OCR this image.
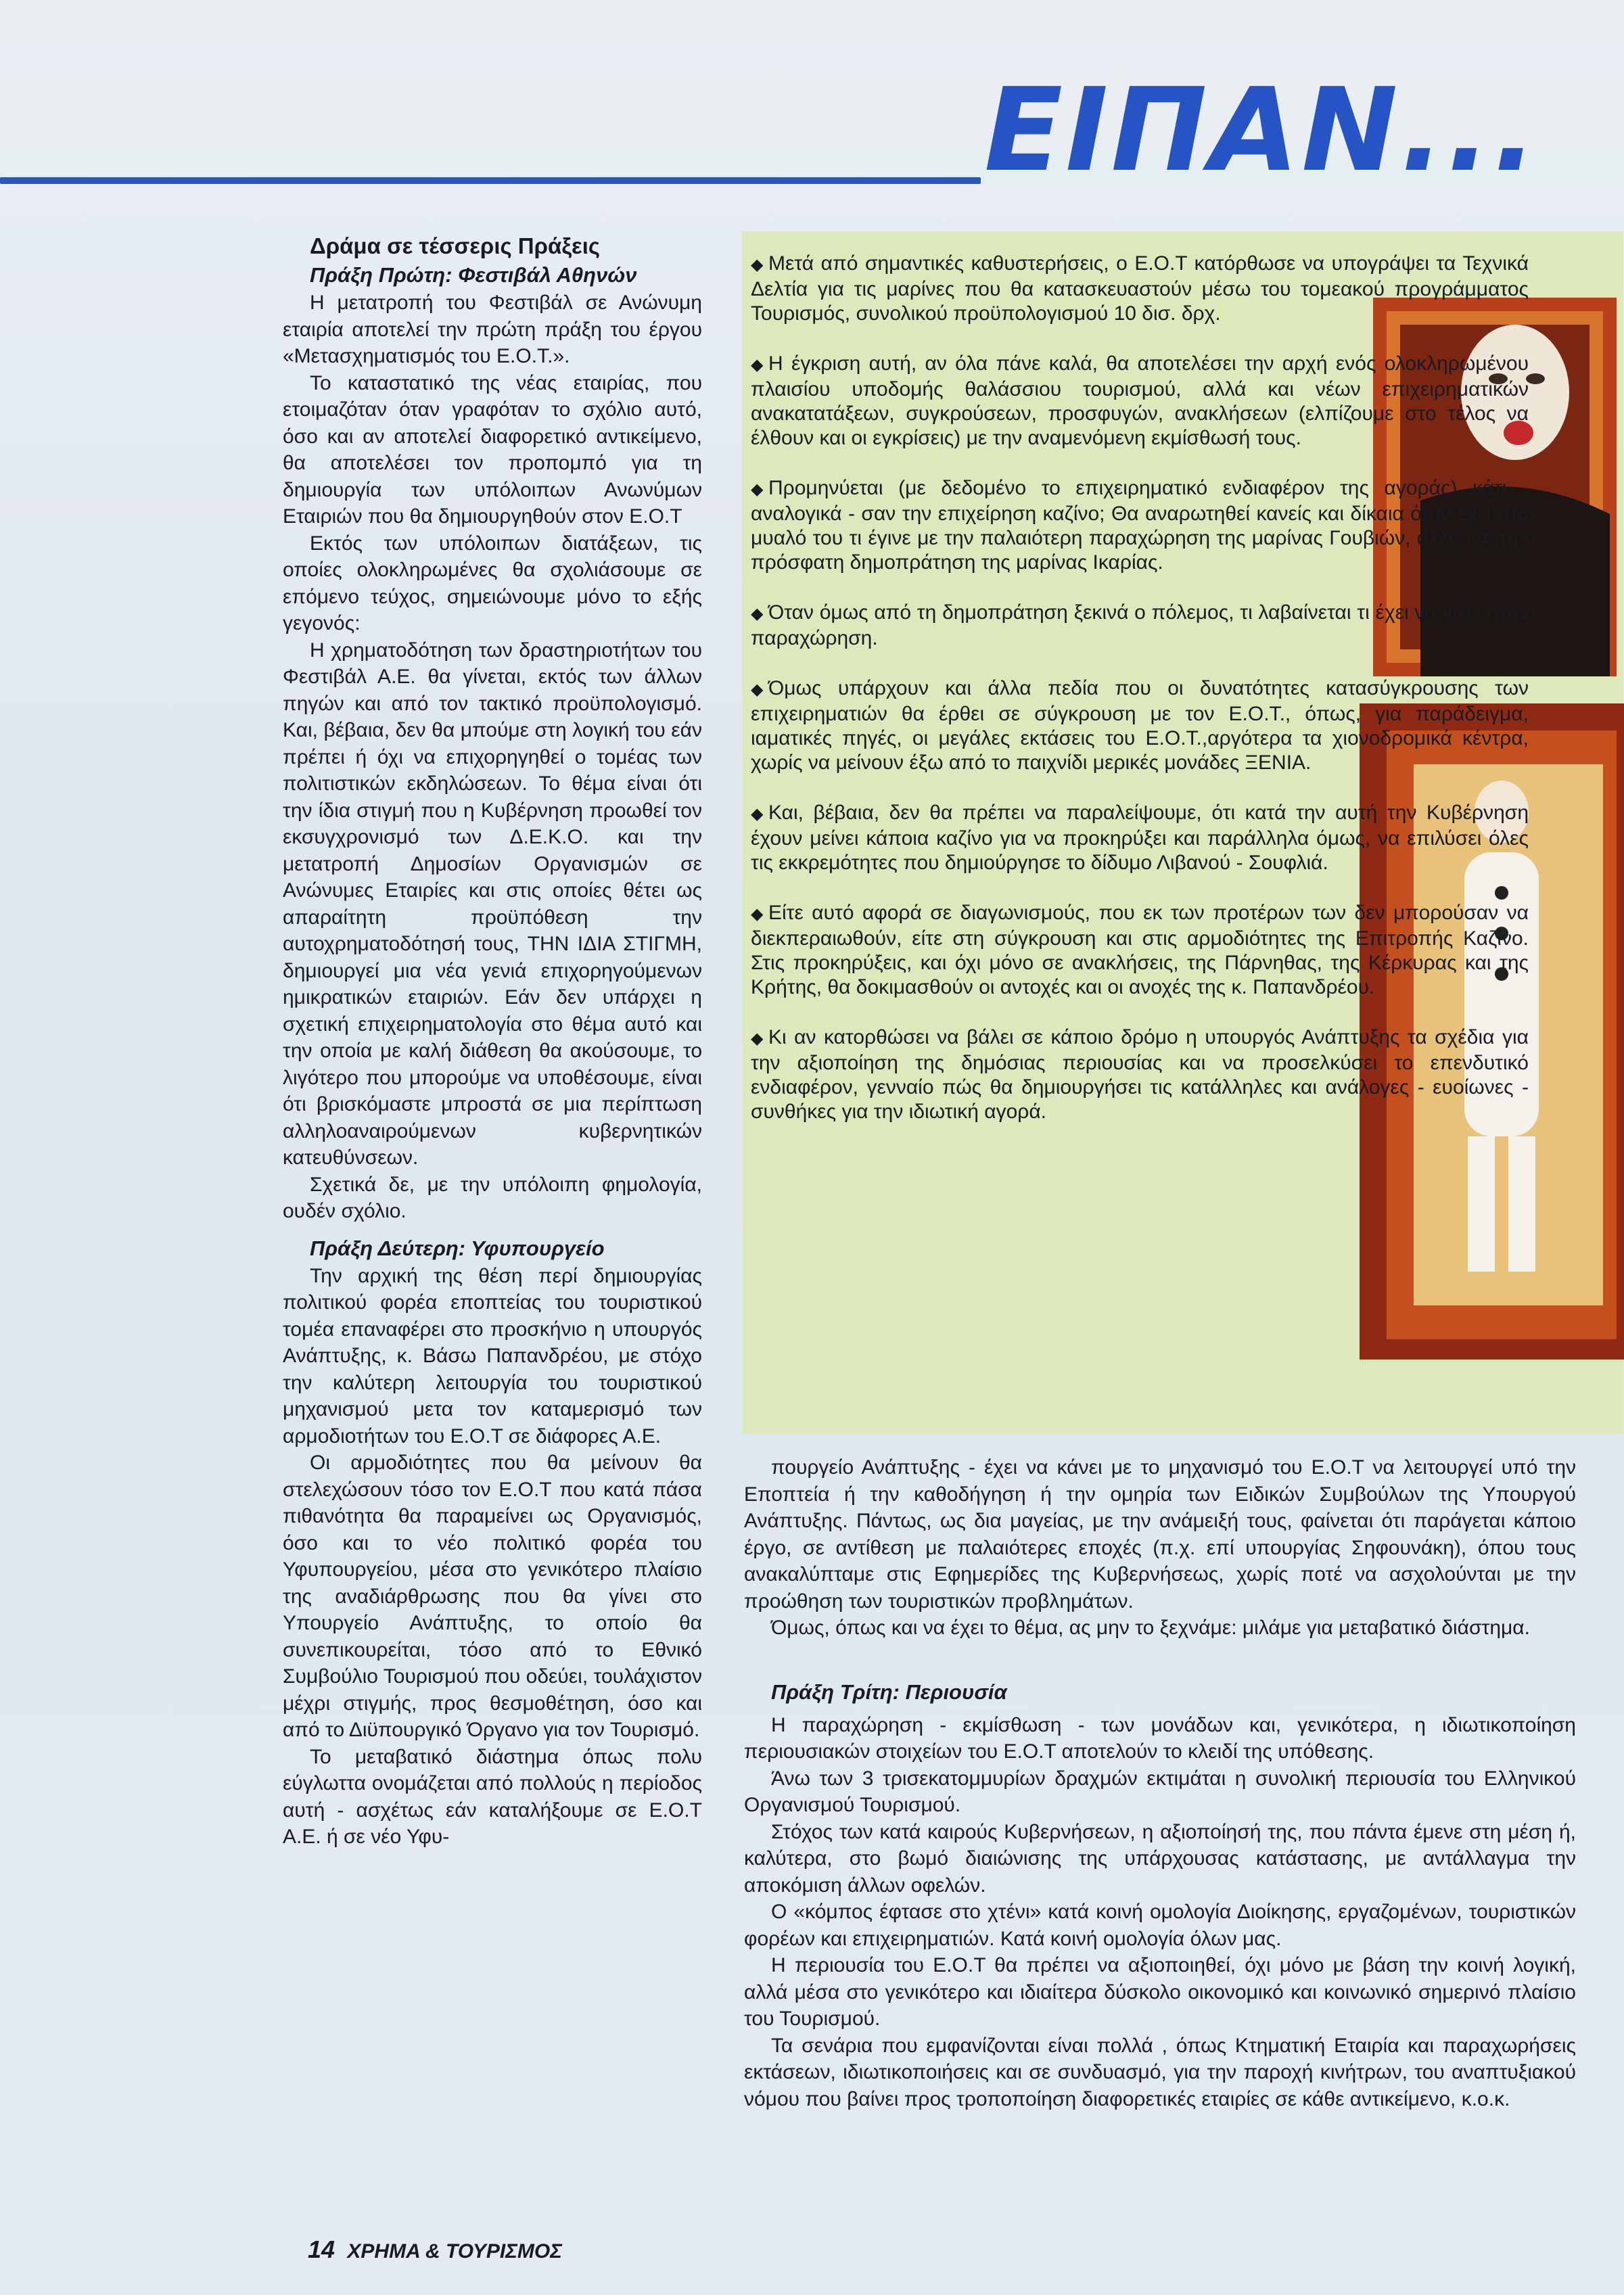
ΕΙΠΑΝ...

Δράμα σε τέσσερις Πράξεις

Πράξη Πρώτη: Φεστιβάλ Αθηνών

Η μετατροπή του Φεστιβάλ σε Ανώνυμη εταιρία αποτελεί την πρώτη πράξη του έργου «Μετασχηματισμός του Ε.Ο.Τ.».

Το καταστατικό της νέας εταιρίας, που ετοιμαζόταν όταν γραφόταν το σχόλιο αυτό, όσο και αν αποτελεί διαφορετικό αντικείμενο, θα αποτελέσει τον προπομπό για τη δημιουργία των υπόλοιπων Ανωνύμων Εταιριών που θα δημιουργηθούν στον Ε.Ο.Τ

Εκτός των υπόλοιπων διατάξεων, τις οποίες ολοκληρωμένες θα σχολιάσουμε σε επόμενο τεύχος, σημειώνουμε μόνο το εξής γεγονός:

Η χρηματοδότηση των δραστηριοτήτων του Φεστιβάλ Α.Ε. θα γίνεται, εκτός των άλλων πηγών και από τον τακτικό προϋπολογισμό. Και, βέβαια, δεν θα μπούμε στη λογική του εάν πρέπει ή όχι να επιχορηγηθεί ο τομέας των πολιτιστικών εκδηλώσεων. Το θέμα είναι ότι την ίδια στιγμή που η Κυβέρνηση προωθεί τον εκσυγχρονισμό των Δ.Ε.Κ.Ο. και την μετατροπή Δημοσίων Οργανισμών σε Ανώνυμες Εταιρίες και στις οποίες θέτει ως απαραίτητη προϋπόθεση την αυτοχρηματοδότησή τους, ΤΗΝ ΙΔΙΑ ΣΤΙΓΜΗ, δημιουργεί μια νέα γενιά επιχορηγούμενων ημικρατικών εταιριών. Εάν δεν υπάρχει η σχετική επιχειρηματολογία στο θέμα αυτό και την οποία με καλή διάθεση θα ακούσουμε, το λιγότερο που μπορούμε να υποθέσουμε, είναι ότι βρισκόμαστε μπροστά σε μια περίπτωση αλληλοαναιρούμενων κυβερνητικών κατευθύνσεων.

Σχετικά δε, με την υπόλοιπη φημολογία, ουδέν σχόλιο.

Πράξη Δεύτερη: Υφυπουργείο

Την αρχική της θέση περί δημιουργίας πολιτικού φορέα εποπτείας του τουριστικού τομέα επαναφέρει στο προσκήνιο η υπουργός Ανάπτυξης, κ. Βάσω Παπανδρέου, με στόχο την καλύτερη λειτουργία του τουριστικού μηχανισμού μετα τον καταμερισμό των αρμοδιοτήτων του Ε.Ο.Τ σε διάφορες Α.Ε.

Οι αρμοδιότητες που θα μείνουν θα στελεχώσουν τόσο τον Ε.Ο.Τ που κατά πάσα πιθανότητα θα παραμείνει ως Οργανισμός, όσο και το νέο πολιτικό φορέα του Υφυπουργείου, μέσα στο γενικότερο πλαίσιο της αναδιάρθρωσης που θα γίνει στο Υπουργείο Ανάπτυξης, το οποίο θα συνεπικουρείται, τόσο από το Εθνικό Συμβούλιο Τουρισμού που οδεύει, τουλάχιστον μέχρι στιγμής, προς θεσμοθέτηση, όσο και από το Διϋπουργικό Όργανο για τον Τουρισμό.

Το μεταβατικό διάστημα όπως πολυ εύγλωττα ονομάζεται από πολλούς η περίοδος αυτή - ασχέτως εάν καταλήξουμε σε Ε.Ο.Τ Α.Ε. ή σε νέο Υφυ-

◆ Μετά από σημαντικές καθυστερήσεις, ο Ε.Ο.Τ κατόρθωσε να υπογράψει τα Τεχνικά Δελτία για τις μαρίνες που θα κατασκευαστούν μέσω του τομεακού προγράμματος Τουρισμός, συνολικού προϋπολογισμού 10 δισ. δρχ.

◆ Η έγκριση αυτή, αν όλα πάνε καλά, θα αποτελέσει την αρχή ενός ολοκληρωμένου πλαισίου υποδομής θαλάσσιου τουρισμού, αλλά και νέων επιχειρηματικών ανακατατάξεων, συγκρούσεων, προσφυγών, ανακλήσεων (ελπίζουμε στο τέλος να έλθουν και οι εγκρίσεις) με την αναμενόμενη εκμίσθωσή τους.

◆ Προμηνύεται (με δεδομένο το επιχειρηματικό ενδιαφέρον της αγοράς) κάτι - αναλογικά - σαν την επιχείρηση καζίνο; Θα αναρωτηθεί κανείς και δίκαια όταν έχει στο μυαλό του τι έγινε με την παλαιότερη παραχώρηση της μαρίνας Γουβιών, αλλά και την πρόσφατη δημοπράτηση της μαρίνας Ικαρίας.

◆ Όταν όμως από τη δημοπράτηση ξεκινά ο πόλεμος, τι λαβαίνεται τι έχει να γίνει στην παραχώρηση.

◆ Όμως υπάρχουν και άλλα πεδία που οι δυνατότητες κατασύγκρουσης των επιχειρηματιών θα έρθει σε σύγκρουση με τον Ε.Ο.Τ., όπως, για παράδειγμα, ιαματικές πηγές, οι μεγάλες εκτάσεις του Ε.Ο.Τ.,αργότερα τα χιονοδρομικά κέντρα, χωρίς να μείνουν έξω από το παιχνίδι μερικές μονάδες ΞΕΝΙΑ.

◆ Και, βέβαια, δεν θα πρέπει να παραλείψουμε, ότι κατά την αυτή την Κυβέρνηση έχουν μείνει κάποια καζίνο για να προκηρύξει και παράλληλα όμως, να επιλύσει όλες τις εκκρεμότητες που δημιούργησε το δίδυμο Λιβανού - Σουφλιά.

◆ Είτε αυτό αφορά σε διαγωνισμούς, που εκ των προτέρων των δεν μπορούσαν να διεκπεραιωθούν, είτε στη σύγκρουση και στις αρμοδιότητες της Επιτροπής Καζίνο. Στις προκηρύξεις, και όχι μόνο σε ανακλήσεις, της Πάρνηθας, της Κέρκυρας και της Κρήτης, θα δοκιμασθούν οι αντοχές και οι ανοχές της κ. Παπανδρέου.

◆ Κι αν κατορθώσει να βάλει σε κάποιο δρόμο η υπουργός Ανάπτυξης τα σχέδια για την αξιοποίηση της δημόσιας περιουσίας και να προσελκύσει το επενδυτικό ενδιαφέρον, γενναίο πώς θα δημιουργήσει τις κατάλληλες και ανάλογες - ευοίωνες - συνθήκες για την ιδιωτική αγορά.

πουργείο Ανάπτυξης - έχει να κάνει με το μηχανισμό του Ε.Ο.Τ να λειτουργεί υπό την Εποπτεία ή την καθοδήγηση ή την ομηρία των Ειδικών Συμβούλων της Υπουργού Ανάπτυξης. Πάντως, ως δια μαγείας, με την ανάμειξή τους, φαίνεται ότι παράγεται κάποιο έργο, σε αντίθεση με παλαιότερες εποχές (π.χ. επί υπουργίας Σηφουνάκη), όπου τους ανακαλύπταμε στις Εφημερίδες της Κυβερνήσεως, χωρίς ποτέ να ασχολούνται με την προώθηση των τουριστικών προβλημάτων.

Όμως, όπως και να έχει το θέμα, ας μην το ξεχνάμε: μιλάμε για μεταβατικό διάστημα.

Πράξη Τρίτη: Περιουσία

Η παραχώρηση - εκμίσθωση - των μονάδων και, γενικότερα, η ιδιωτικοποίηση περιουσιακών στοιχείων του Ε.Ο.Τ αποτελούν το κλειδί της υπόθεσης.

Άνω των 3 τρισεκατομμυρίων δραχμών εκτιμάται η συνολική περιουσία του Ελληνικού Οργανισμού Τουρισμού.

Στόχος των κατά καιρούς Κυβερνήσεων, η αξιοποίησή της, που πάντα έμενε στη μέση ή, καλύτερα, στο βωμό διαιώνισης της υπάρχουσας κατάστασης, με αντάλλαγμα την αποκόμιση άλλων οφελών.

Ο «κόμπος έφτασε στο χτένι» κατά κοινή ομολογία Διοίκησης, εργαζομένων, τουριστικών φορέων και επιχειρηματιών. Κατά κοινή ομολογία όλων μας.

Η περιουσία του Ε.Ο.Τ θα πρέπει να αξιοποιηθεί, όχι μόνο με βάση την κοινή λογική, αλλά μέσα στο γενικότερο και ιδιαίτερα δύσκολο οικονομικό και κοινωνικό σημερινό πλαίσιο του Τουρισμού.

Τα σενάρια που εμφανίζονται είναι πολλά , όπως Κτηματική Εταιρία και παραχωρήσεις εκτάσεων, ιδιωτικοποιήσεις και σε συνδυασμό, για την παροχή κινήτρων, του αναπτυξιακού νόμου που βαίνει προς τροποποίηση διαφορετικές εταιρίες σε κάθε αντικείμενο, κ.ο.κ.

14 ΧΡΗΜΑ & ΤΟΥΡΙΣΜΟΣ
